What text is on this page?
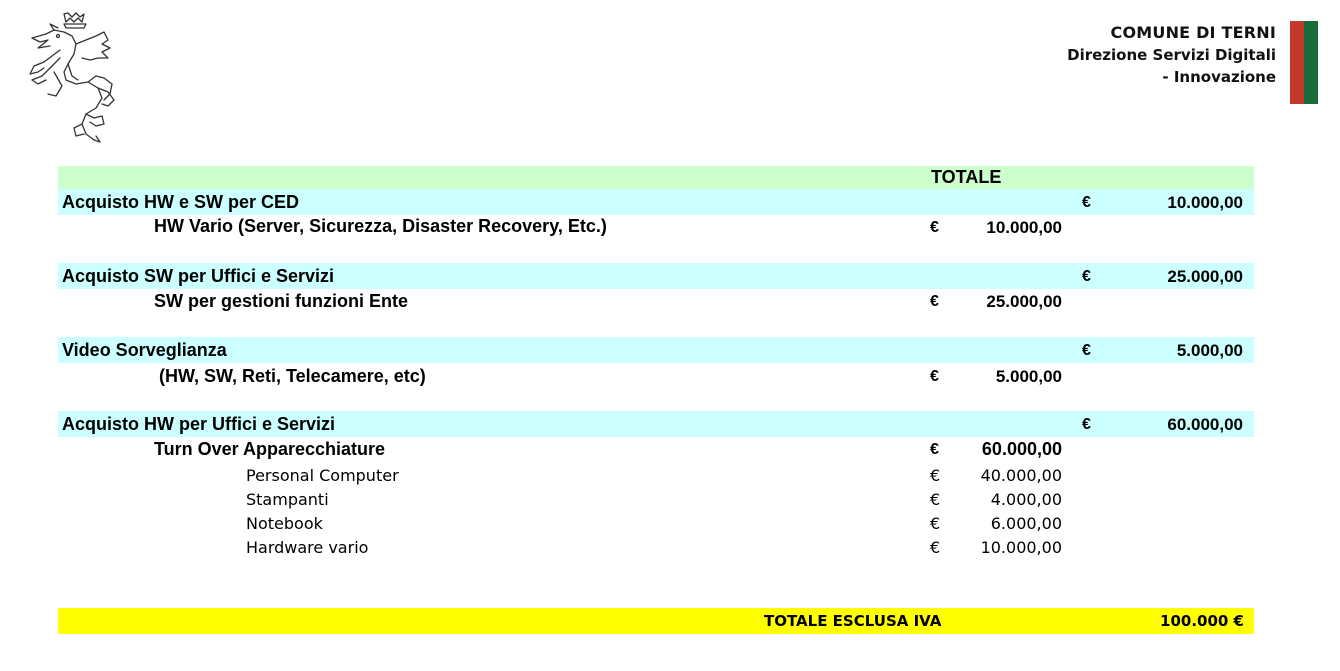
COMUNE DI TERNI
Direzione Servizi Digitali
- Innovazione
TOTALE
Acquisto HW e SW per CED	€	10.000,00
HW Vario (Server, Sicurezza, Disaster Recovery, Etc.)	€	10.000,00
Acquisto SW per Uffici e Servizi	€	25.000,00
SW per gestioni funzioni Ente	€	25.000,00
Video Sorveglianza	€	5.000,00
(HW, SW, Reti, Telecamere, etc)	€	5.000,00
Acquisto HW per Uffici e Servizi	€	60.000,00
Turn Over Apparecchiature	€	60.000,00
Personal Computer	€	40.000,00
Stampanti	€	4.000,00
Notebook	€	6.000,00
Hardware vario	€	10.000,00
TOTALE ESCLUSA IVA	100.000 €
